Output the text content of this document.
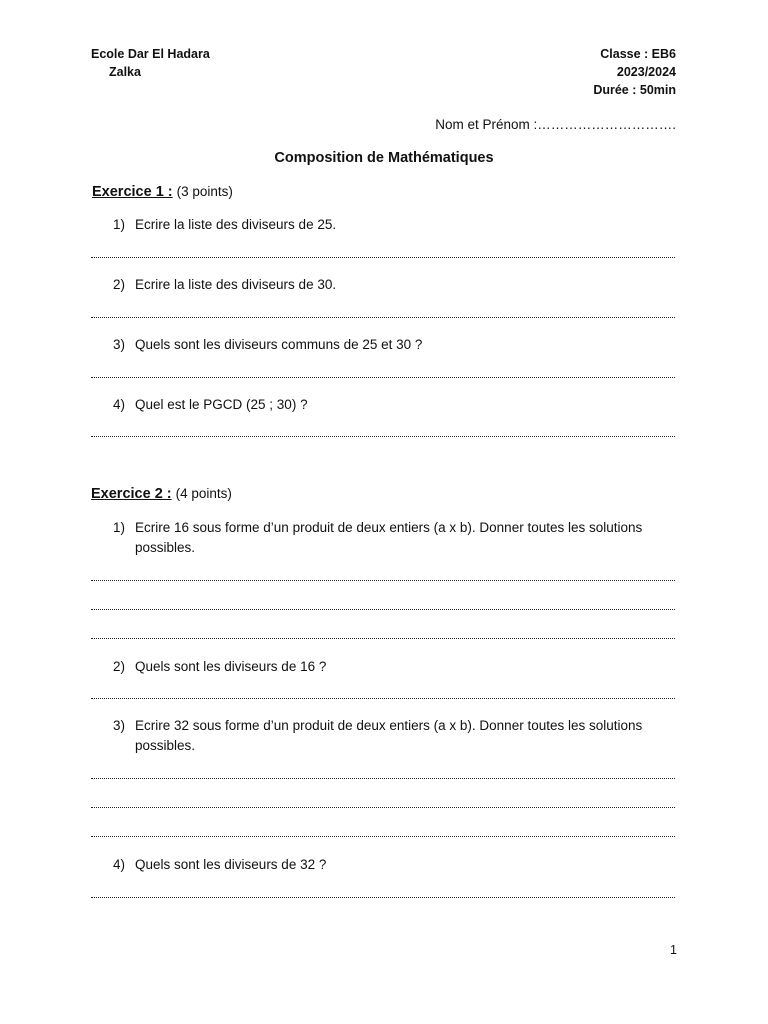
Ecole Dar El Hadara
Zalka
Classe : EB6
2023/2024
Durée : 50min
Nom et Prénom :………………………….
Composition de Mathématiques
Exercice 1 : (3 points)
1) Ecrire la liste des diviseurs de 25.
2) Ecrire la liste des diviseurs de 30.
3) Quels sont les diviseurs communs de 25 et 30 ?
4) Quel est le PGCD (25 ; 30) ?
Exercice 2 : (4 points)
1) Ecrire 16 sous forme d’un produit de deux entiers (a x b). Donner toutes les solutions possibles.
2) Quels sont les diviseurs de 16 ?
3) Ecrire 32 sous forme d’un produit de deux entiers (a x b). Donner toutes les solutions possibles.
4) Quels sont les diviseurs de 32 ?
1
